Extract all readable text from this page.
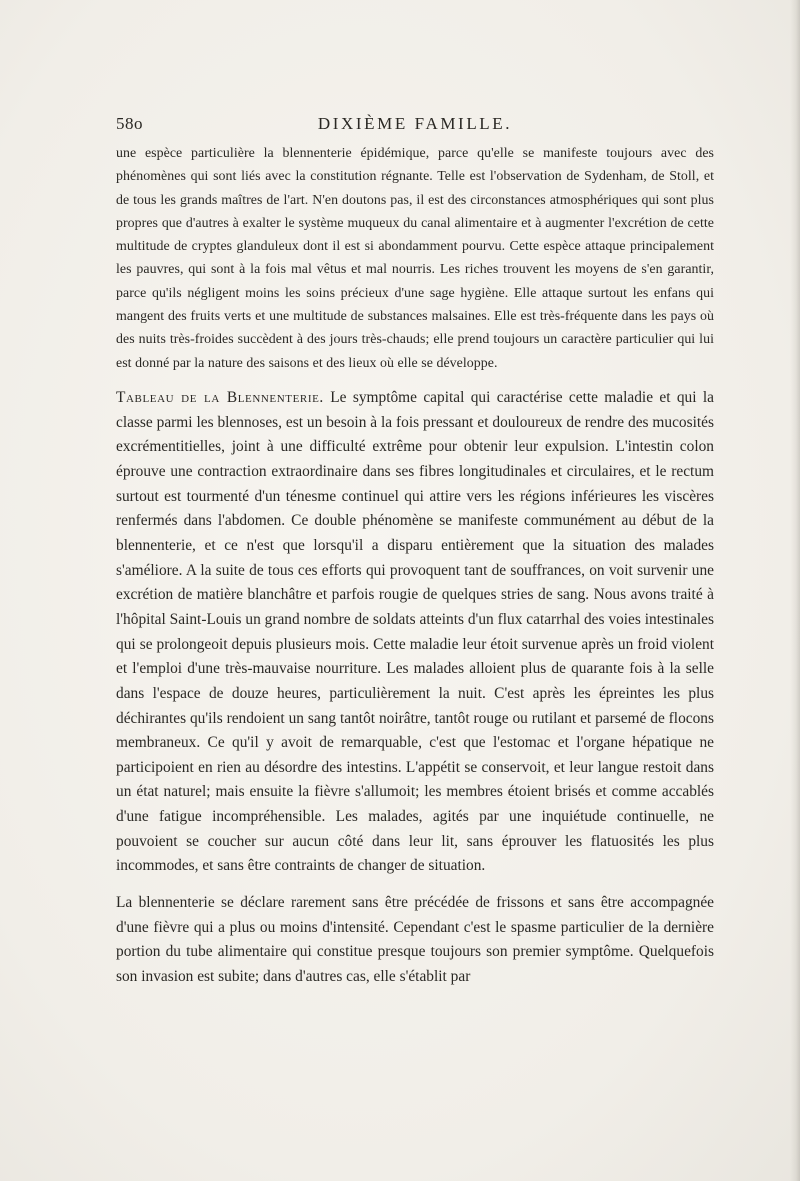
58o	DIXIÈME FAMILLE.

une espèce particulière la blennenterie épidémique, parce qu'elle se manifeste toujours avec des phénomènes qui sont liés avec la constitution régnante. Telle est l'observation de Sydenham, de Stoll, et de tous les grands maîtres de l'art. N'en doutons pas, il est des circonstances atmosphériques qui sont plus propres que d'autres à exalter le système muqueux du canal alimentaire et à augmenter l'excrétion de cette multitude de cryptes glanduleux dont il est si abondamment pourvu. Cette espèce attaque principalement les pauvres, qui sont à la fois mal vêtus et mal nourris. Les riches trouvent les moyens de s'en garantir, parce qu'ils négligent moins les soins précieux d'une sage hygiène. Elle attaque surtout les enfans qui mangent des fruits verts et une multitude de substances malsaines. Elle est très-fréquente dans les pays où des nuits très-froides succèdent à des jours très-chauds; elle prend toujours un caractère particulier qui lui est donné par la nature des saisons et des lieux où elle se développe.

Tableau de la Blennenterie. Le symptôme capital qui caractérise cette maladie et qui la classe parmi les blennoses, est un besoin à la fois pressant et douloureux de rendre des mucosités excrémentitielles, joint à une difficulté extrême pour obtenir leur expulsion. L'intestin colon éprouve une contraction extraordinaire dans ses fibres longitudinales et circulaires, et le rectum surtout est tourmenté d'un ténesme continuel qui attire vers les régions inférieures les viscères renfermés dans l'abdomen. Ce double phénomène se manifeste communément au début de la blennenterie, et ce n'est que lorsqu'il a disparu entièrement que la situation des malades s'améliore. A la suite de tous ces efforts qui provoquent tant de souffrances, on voit survenir une excrétion de matière blanchâtre et parfois rougie de quelques stries de sang. Nous avons traité à l'hôpital Saint-Louis un grand nombre de soldats atteints d'un flux catarrhal des voies intestinales qui se prolongeoit depuis plusieurs mois. Cette maladie leur étoit survenue après un froid violent et l'emploi d'une très-mauvaise nourriture. Les malades alloient plus de quarante fois à la selle dans l'espace de douze heures, particulièrement la nuit. C'est après les épreintes les plus déchirantes qu'ils rendoient un sang tantôt noirâtre, tantôt rouge ou rutilant et parsemé de flocons membraneux. Ce qu'il y avoit de remarquable, c'est que l'estomac et l'organe hépatique ne participoient en rien au désordre des intestins. L'appétit se conservoit, et leur langue restoit dans un état naturel; mais ensuite la fièvre s'allumoit; les membres étoient brisés et comme accablés d'une fatigue incompréhensible. Les malades, agités par une inquiétude continuelle, ne pouvoient se coucher sur aucun côté dans leur lit, sans éprouver les flatuosités les plus incommodes, et sans être contraints de changer de situation.

La blennenterie se déclare rarement sans être précédée de frissons et sans être accompagnée d'une fièvre qui a plus ou moins d'intensité. Cependant c'est le spasme particulier de la dernière portion du tube alimentaire qui constitue presque toujours son premier symptôme. Quelquefois son invasion est subite; dans d'autres cas, elle s'établit par
